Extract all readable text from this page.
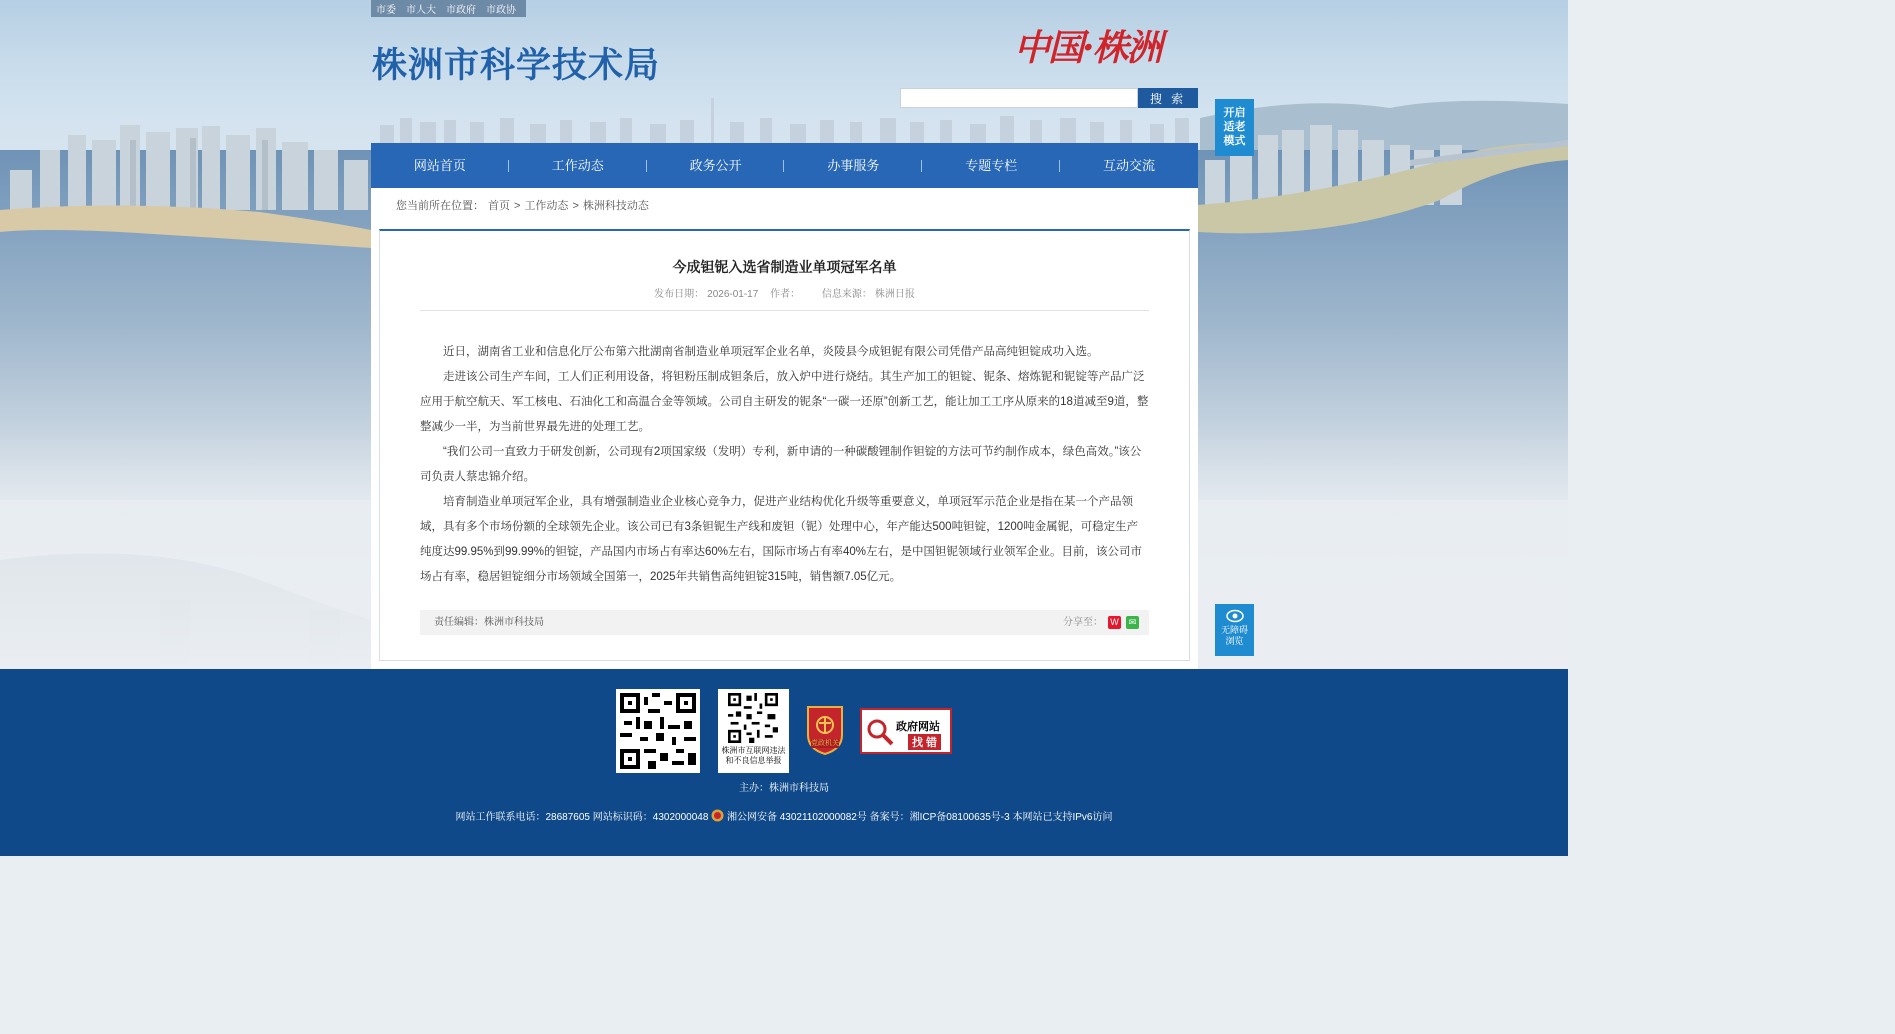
市委 市人大 市政府 市政协
株洲市科学技术局	中国·株洲
搜 索
开启
适老
模式
无障碍
浏览
网站首页	工作动态	政务公开	办事服务	专题专栏	互动交流
您当前所在位置： 首页 > 工作动态 > 株洲科技动态
今成钽铌入选省制造业单项冠军名单
发布日期： 2026-01-17 作者： 信息来源： 株洲日报

近日，湖南省工业和信息化厅公布第六批湖南省制造业单项冠军企业名单，炎陵县今成钽铌有限公司凭借产品高纯钽锭成功入选。

走进该公司生产车间，工人们正利用设备，将钽粉压制成钽条后，放入炉中进行烧结。其生产加工的钽锭、铌条、熔炼铌和铌锭等产品广泛应用于航空航天、军工核电、石油化工和高温合金等领域。公司自主研发的铌条“一碳一还原”创新工艺，能让加工工序从原来的18道减至9道，整整减少一半，为当前世界最先进的处理工艺。

“我们公司一直致力于研发创新，公司现有2项国家级（发明）专利，新申请的一种碳酸锂制作钽锭的方法可节约制作成本，绿色高效。”该公司负责人蔡忠锦介绍。

培育制造业单项冠军企业，具有增强制造业企业核心竞争力，促进产业结构优化升级等重要意义，单项冠军示范企业是指在某一个产品领域，具有多个市场份额的全球领先企业。该公司已有3条钽铌生产线和废钽（铌）处理中心，年产能达500吨钽锭，1200吨金属铌，可稳定生产纯度达99.95%到99.99%的钽锭，产品国内市场占有率达60%左右，国际市场占有率40%左右，是中国钽铌领域行业领军企业。目前，该公司市场占有率，稳居钽锭细分市场领域全国第一，2025年共销售高纯钽锭315吨，销售额7.05亿元。

责任编辑：株洲市科技局	分享至： W	✉
株洲市互联网违法
和不良信息举报
党政机关
政府网站
找 错
主办：株洲市科技局
网站工作联系电话：28687605 网站标识码：4302000048 湘公网安备 43021102000082号 备案号：湘ICP备08100635号-3 本网站已支持IPv6访问
